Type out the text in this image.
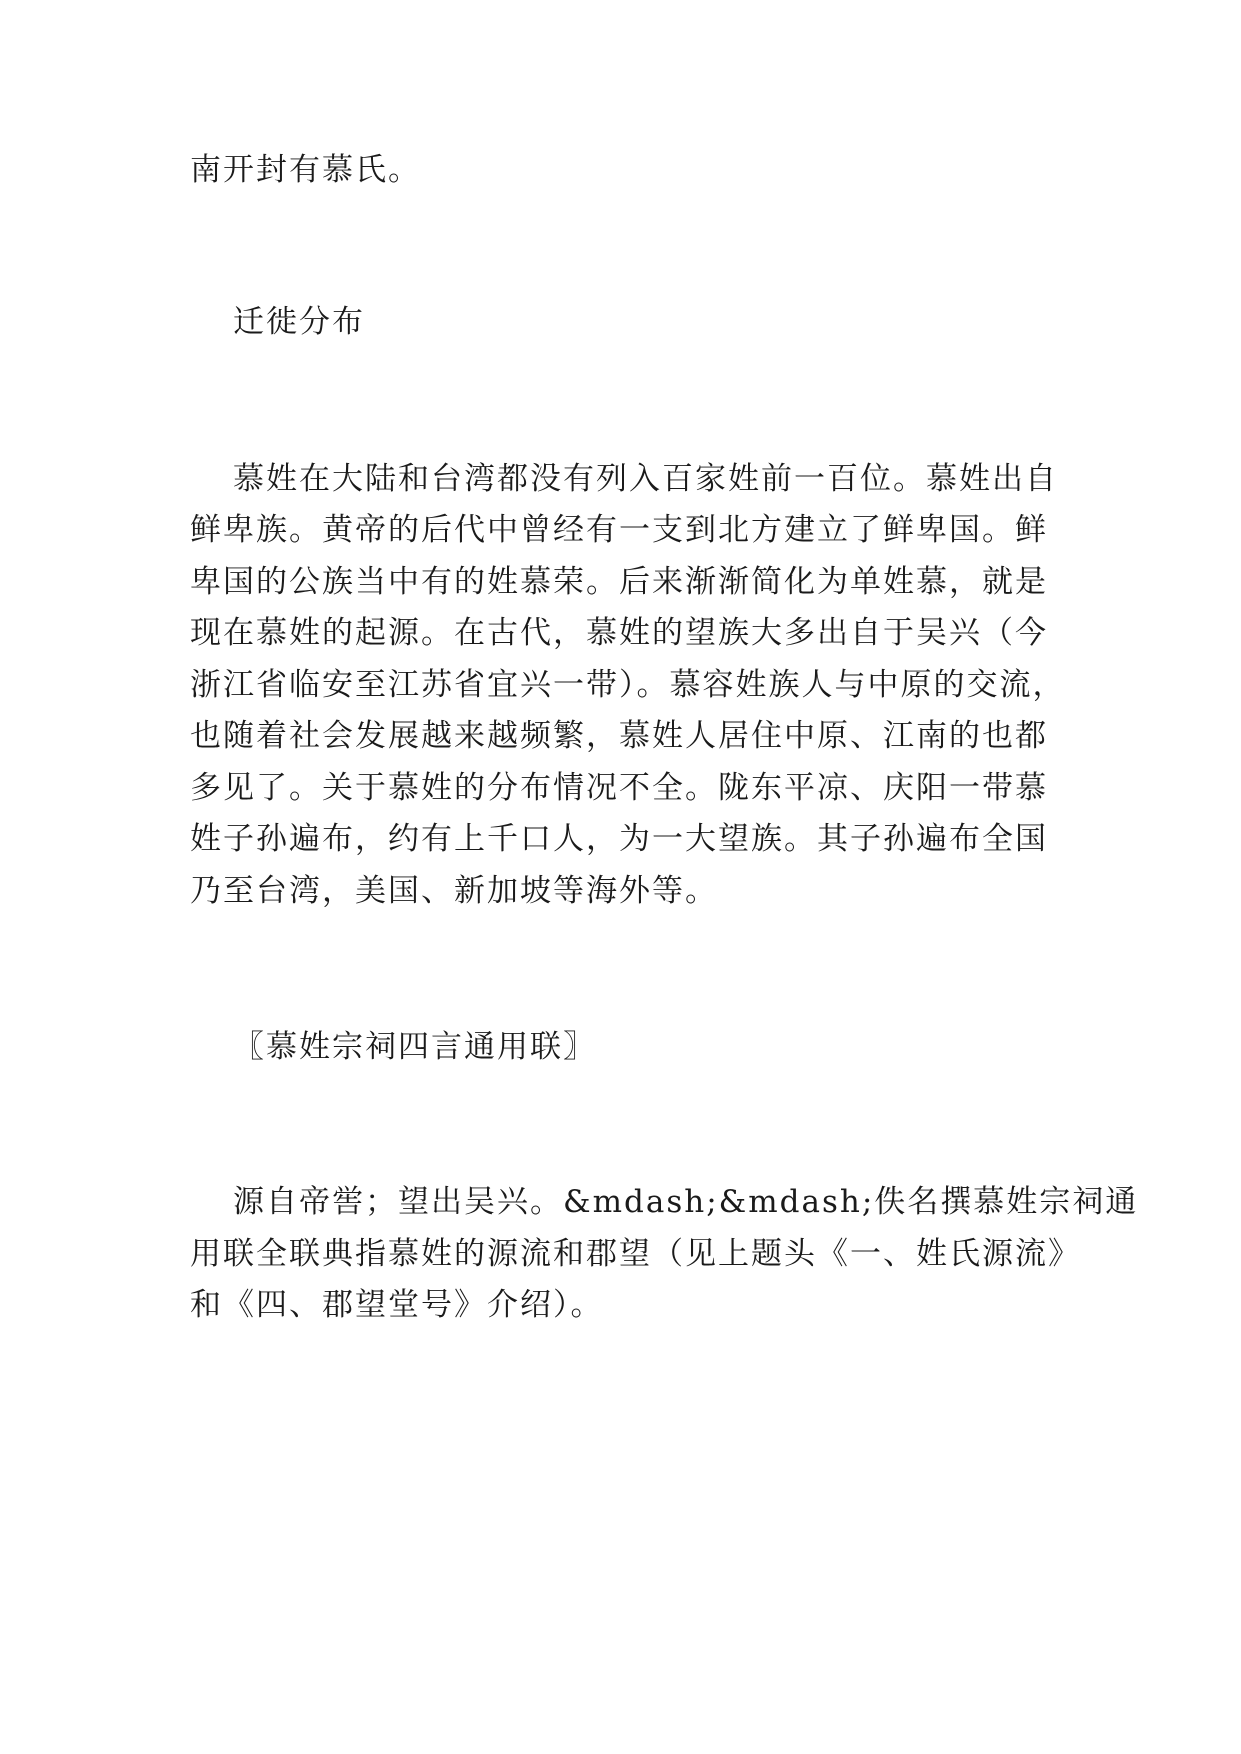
南开封有慕氏。
迁徙分布
慕姓在大陆和台湾都没有列入百家姓前一百位。慕姓出自
鲜卑族。黄帝的后代中曾经有一支到北方建立了鲜卑国。鲜
卑国的公族当中有的姓慕荣。后来渐渐简化为单姓慕，就是
现在慕姓的起源。在古代，慕姓的望族大多出自于吴兴（今
浙江省临安至江苏省宜兴一带）。慕容姓族人与中原的交流，
也随着社会发展越来越频繁，慕姓人居住中原、江南的也都
多见了。关于慕姓的分布情况不全。陇东平凉、庆阳一带慕
姓子孙遍布，约有上千口人，为一大望族。其子孙遍布全国
乃至台湾，美国、新加坡等海外等。
〖慕姓宗祠四言通用联〗
源自帝喾；望出吴兴。&mdash;&mdash;佚名撰慕姓宗祠通
用联全联典指慕姓的源流和郡望（见上题头《一、姓氏源流》
和《四、郡望堂号》介绍）。
